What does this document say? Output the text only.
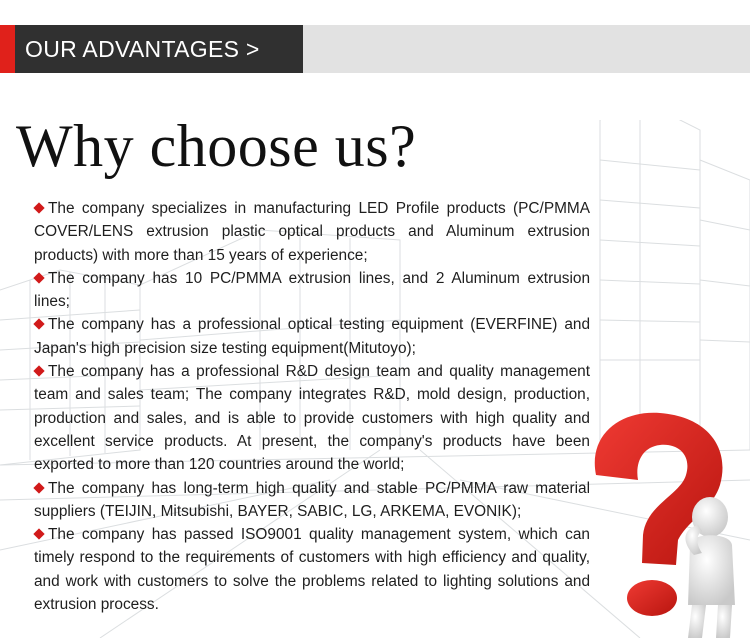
OUR ADVANTAGES >
Why choose us?
The company specializes in manufacturing LED Profile products (PC/PMMA COVER/LENS extrusion plastic optical products and Aluminum extrusion products) with more than 15 years of experience;
The company has 10 PC/PMMA extrusion lines, and 2 Aluminum extrusion lines;
The company has a professional optical testing equipment (EVERFINE) and Japan's high precision size testing equipment(Mitutoyo);
The company has a professional R&D design team and quality management team and sales team; The company integrates R&D, mold design, production, production and sales, and is able to provide customers with high quality and excellent service products. At present, the company's products have been exported to more than 120 countries around the world;
The company has long-term high quality and stable PC/PMMA raw material suppliers (TEIJIN, Mitsubishi, BAYER, SABIC, LG, ARKEMA, EVONIK);
The company has passed ISO9001 quality management system, which can timely respond to the requirements of customers with high efficiency and quality, and work with customers to solve the problems related to lighting solutions and extrusion process.
